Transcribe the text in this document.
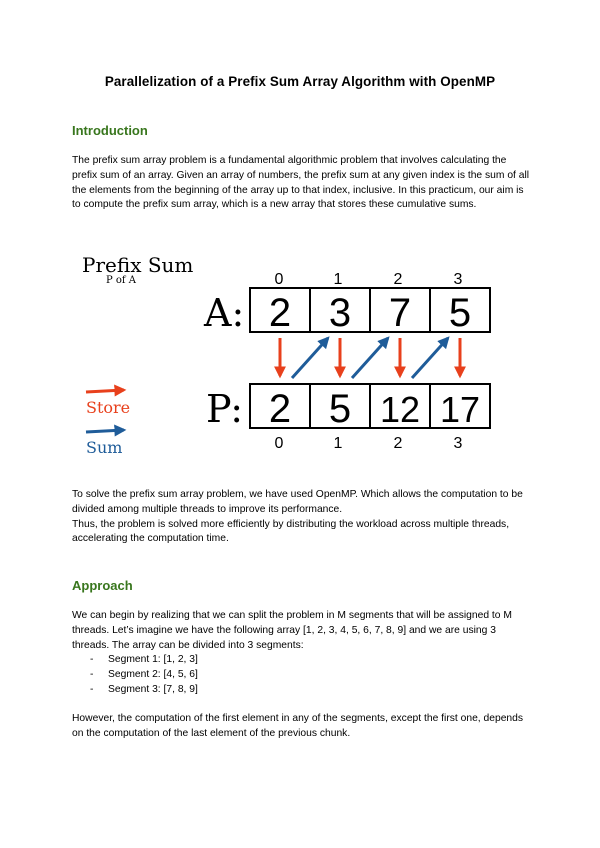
Parallelization of a Prefix Sum Array Algorithm with OpenMP
Introduction

The prefix sum array problem is a fundamental algorithmic problem that involves calculating the prefix sum of an array. Given an array of numbers, the prefix sum at any given index is the sum of all the elements from the beginning of the array up to that index, inclusive. In this practicum, our aim is to compute the prefix sum array, which is a new array that stores these cumulative sums.

Prefix Sum
P of A	0	1	2	3
A: 2 3 7 5
Store
Sum
P: 2 5 12 17
0	1	2	3

To solve the prefix sum array problem, we have used OpenMP. Which allows the computation to be divided among multiple threads to improve its performance.

Thus, the problem is solved more efficiently by distributing the workload across multiple threads, accelerating the computation time.

Approach

We can begin by realizing that we can split the problem in M segments that will be assigned to M threads. Let’s imagine we have the following array [1, 2, 3, 4, 5, 6, 7, 8, 9] and we are using 3 threads. The array can be divided into 3 segments:

-	Segment 1: [1, 2, 3]
-	Segment 2: [4, 5, 6]
-	Segment 3: [7, 8, 9]

However, the computation of the first element in any of the segments, except the first one, depends on the computation of the last element of the previous chunk.
